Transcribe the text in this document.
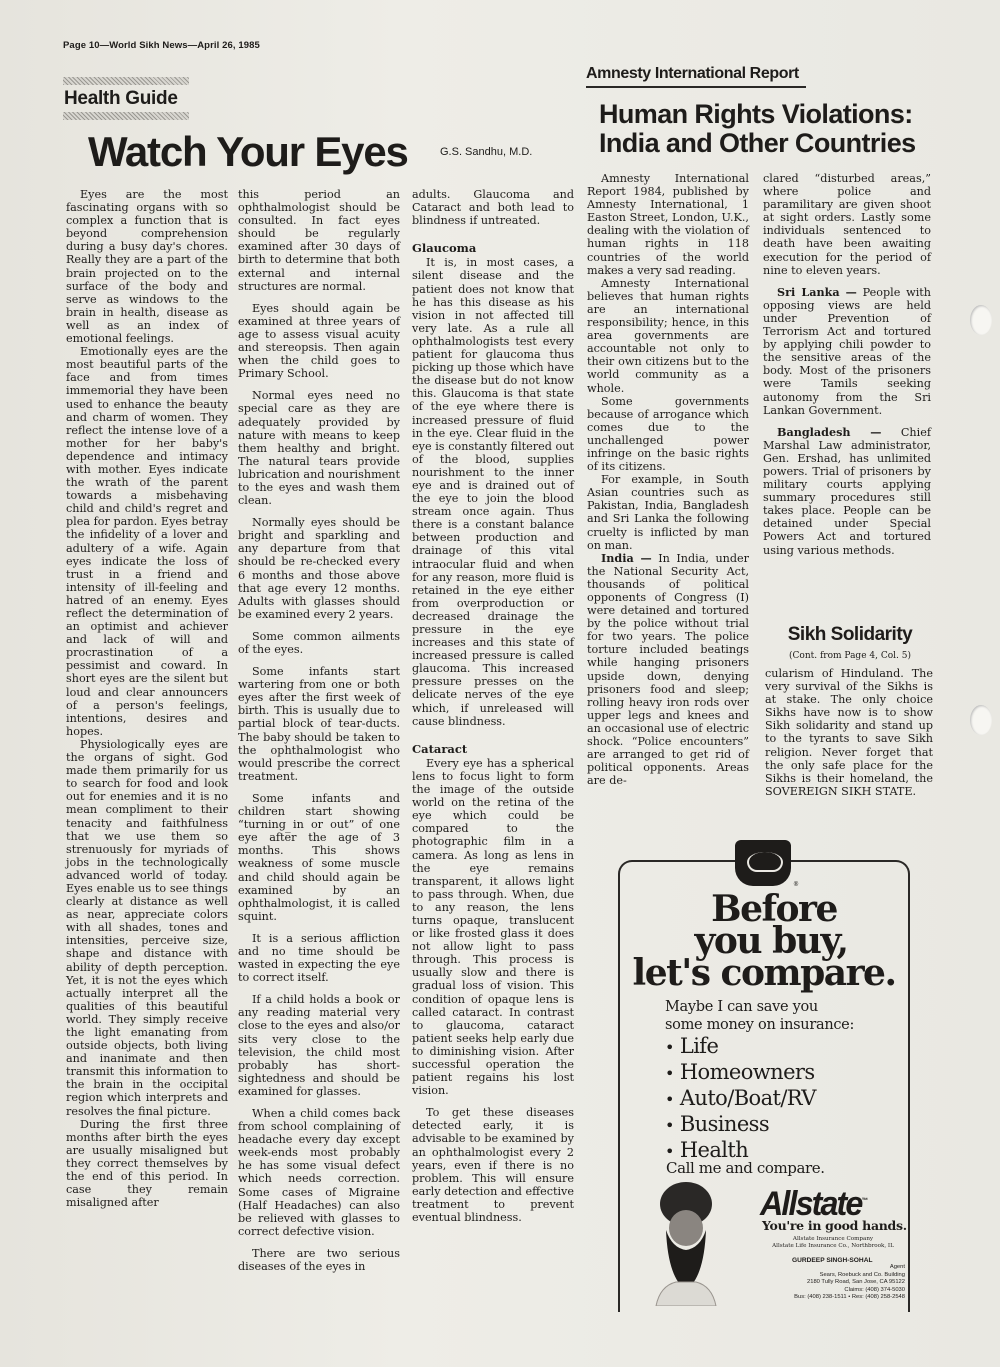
Page 10—World Sikh News—April 26, 1985
Health Guide
Watch Your Eyes	G.S. Sandhu, M.D.

Eyes are the most fascinating organs with so complex a function that is beyond comprehension during a busy day's chores. Really they are a part of the brain projected on to the surface of the body and serve as windows to the brain in health, disease as well as an index of emotional feelings.

Emotionally eyes are the most beautiful parts of the face and from times immemorial they have been used to enhance the beauty and charm of women. They reflect the intense love of a mother for her baby's dependence and intimacy with mother. Eyes indicate the wrath of the parent towards a misbehaving child and child's regret and plea for pardon. Eyes betray the infidelity of a lover and adultery of a wife. Again eyes indicate the loss of trust in a friend and intensity of ill-feeling and hatred of an enemy. Eyes reflect the determination of an optimist and achiever and lack of will and procrastination of a pessimist and coward. In short eyes are the silent but loud and clear announcers of a person's feelings, intentions, desires and hopes.

Physiologically eyes are the organs of sight. God made them primarily for us to search for food and look out for enemies and it is no mean compliment to their tenacity and faithfulness that we use them so strenuously for myriads of jobs in the technologically advanced world of today. Eyes enable us to see things clearly at distance as well as near, appreciate colors with all shades, tones and intensities, perceive size, shape and distance with ability of depth perception. Yet, it is not the eyes which actually interpret all the qualities of this beautiful world. They simply receive the light emanating from outside objects, both living and inanimate and then transmit this information to the brain in the occipital region which interprets and resolves the final picture.

During the first three months after birth the eyes are usually misaligned but they correct themselves by the end of this period. In case they remain misaligned after

this period an ophthalmologist should be consulted. In fact eyes should be regularly examined after 30 days of birth to determine that both external and internal structures are normal.

Eyes should again be examined at three years of age to assess visual acuity and stereopsis. Then again when the child goes to Primary School.

Normal eyes need no special care as they are adequately provided by nature with means to keep them healthy and bright. The natural tears provide lubrication and nourishment to the eyes and wash them clean.

Normally eyes should be bright and sparkling and any departure from that should be re-checked every 6 months and those above that age every 12 months. Adults with glasses should be examined every 2 years.

Some common ailments of the eyes.

Some infants start wartering from one or both eyes after the first week of birth. This is usually due to partial block of tear-ducts. The baby should be taken to the ophthalmologist who would prescribe the correct treatment.

Some infants and children start showing “turning in or out” of one eye afte̅r the age of 3 months. This shows weakness of some muscle and child should again be examined by an ophthalmologist, it is called squint.

It is a serious affliction and no time should be wasted in expecting the eye to correct itself.

If a child holds a book or any reading material very close to the eyes and also/or sits very close to the television, the child most probably has short-sightedness and should be examined for glasses.

When a child comes back from school complaining of headache every day except week-ends most probably he has some visual defect which needs correction. Some cases of Migraine (Half Headaches) can also be relieved with glasses to correct defective vision.

There are two serious diseases of the eyes in

adults. Glaucoma and Cataract and both lead to blindness if untreated.

Glaucoma

It is, in most cases, a silent disease and the patient does not know that he has this disease as his vision in not affected till very late. As a rule all ophthalmologists test every patient for glaucoma thus picking up those which have the disease but do not know this. Glaucoma is that state of the eye where there is increased pressure of fluid in the eye. Clear fluid in the eye is constantly filtered out of the blood, supplies nourishment to the inner eye and is drained out of the eye to join the blood stream once again. Thus there is a constant balance between production and drainage of this vital intraocular fluid and when for any reason, more fluid is retained in the eye either from overproduction or decreased drainage the pressure in the eye increases and this state of increased pressure is called glaucoma. This increased pressure presses on the delicate nerves of the eye which, if unreleased will cause blindness.

Cataract

Every eye has a spherical lens to focus light to form the image of the outside world on the retina of the eye which could be compared to the photographic film in a camera. As long as lens in the eye remains transparent, it allows light to pass through. When, due to any reason, the lens turns opaque, translucent or like frosted glass it does not allow light to pass through. This process is usually slow and there is gradual loss of vision. This condition of opaque lens is called cataract. In contrast to glaucoma, cataract patient seeks help early due to diminishing vision. After successful operation the patient regains his lost vision.

To get these diseases detected early, it is advisable to be examined by an ophthalmologist every 2 years, even if there is no problem. This will ensure early detection and effective treatment to prevent eventual blindness.

Amnesty International Report
Human Rights Violations:
India and Other Countries

Amnesty International Report 1984, published by Amnesty International, 1 Easton Street, London, U.K., dealing with the violation of human rights in 118 countries of the world makes a very sad reading.

Amnesty International believes that human rights are an international responsibility; hence, in this area governments are accountable not only to their own citizens but to the world community as a whole.

Some governments because of arrogance which comes due to the unchallenged power infringe on the basic rights of its citizens.

For example, in South Asian countries such as Pakistan, India, Bangladesh and Sri Lanka the following cruelty is inflicted by man on man.

India — In India, under the National Security Act, thousands of political opponents of Congress (I) were detained and tortured by the police without trial for two years. The police torture included beatings while hanging prisoners upside down, denying prisoners food and sleep; rolling heavy iron rods over upper legs and knees and an occasional use of electric shock. “Police encounters” are arranged to get rid of political opponents. Areas are de-

clared “disturbed areas,” where police and paramilitary are given shoot at sight orders. Lastly some individuals sentenced to death have been awaiting execution for the period of nine to eleven years.

Sri Lanka — People with opposing views are held under Prevention of Terrorism Act and tortured by applying chili powder to the sensitive areas of the body. Most of the prisoners were Tamils seeking autonomy from the Sri Lankan Government.

Bangladesh — Chief Marshal Law administrator, Gen. Ershad, has unlimited powers. Trial of prisoners by military courts applying summary procedures still takes place. People can be detained under Special Powers Act and tortured using various methods.

Sikh Solidarity
(Cont. from Page 4, Col. 5)

cularism of Hinduland. The very survival of the Sikhs is at stake. The only choice Sikhs have now is to show Sikh solidarity and stand up to the tyrants to save Sikh religion. Never forget that the only safe place for the Sikhs is their homeland, the SOVEREIGN SIKH STATE.

®
Before
you buy,
let's compare.
Maybe I can save you
some money on insurance:
• Life
• Homeowners
• Auto/Boat/RV
• Business
• Health
Call me and compare.
Allstate™
You're in good hands.
Allstate Insurance Company
Allstate Life Insurance Co., Northbrook, IL
GURDEEP SINGH-SOHAL
Agent
Sears, Roebuck and Co. Building
2180 Tully Road, San Jose, CA 95122
Claims: (408) 374-5030
Bus: (408) 238-1511 • Res: (408) 258-2548
